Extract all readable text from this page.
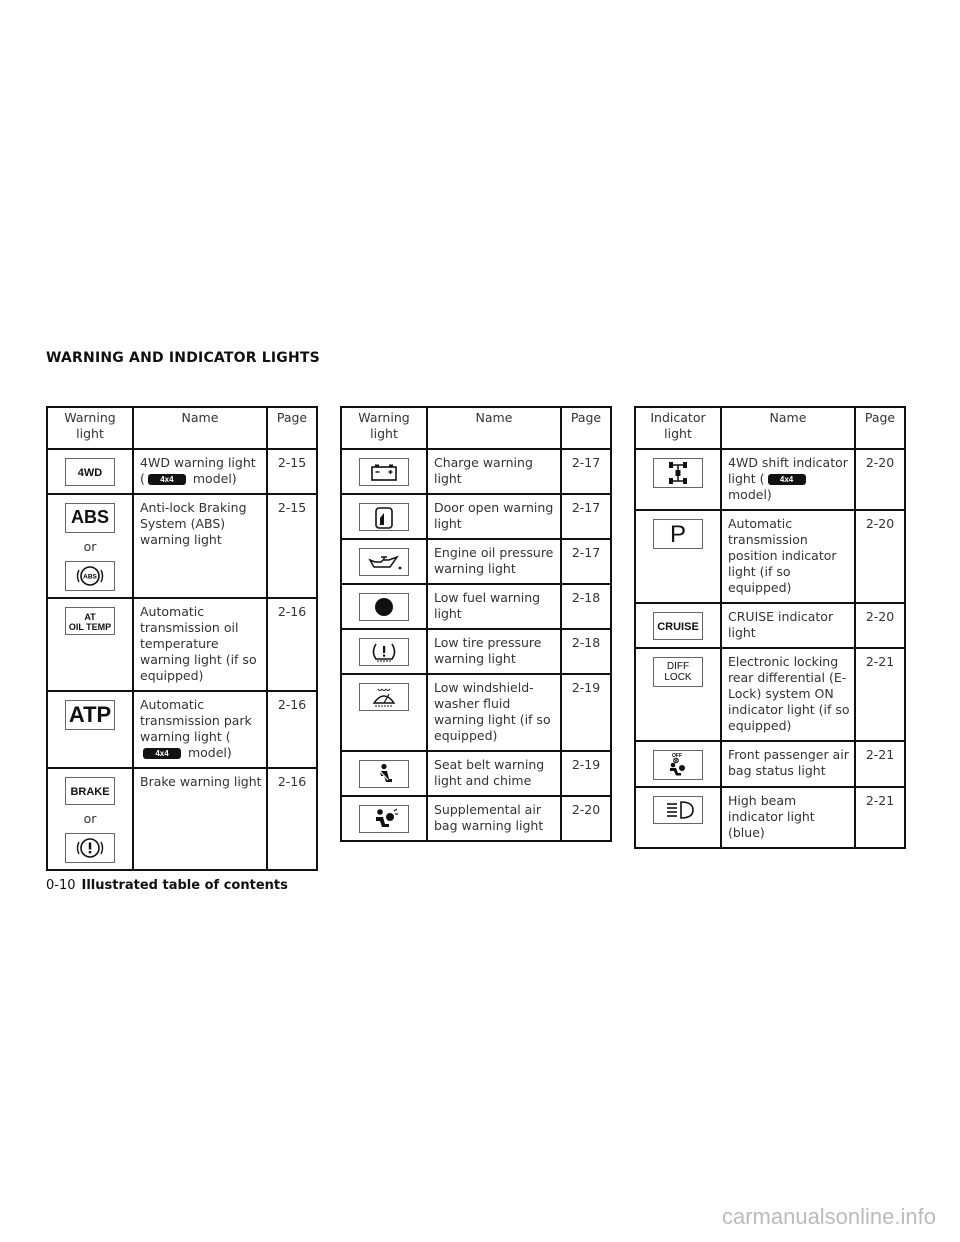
WARNING AND INDICATOR LIGHTS
Warning light	Name	Page
4WD	4WD warning light ( 4x4 model)	2-15
ABS
or
ABS	Anti-lock Braking System (ABS) warning light	2-15
AT
OIL TEMP	Automatic transmission oil temperature warning light (if so equipped)	2-16
ATP	Automatic transmission park warning light (4x4 model)	2-16
BRAKE
or	Brake warning light	2-16
Warning light	Name	Page

	Charge warning light	2-17

	Door open warning light	2-17

	Engine oil pressure warning light	2-17

	Low fuel warning light	2-18

	Low tire pressure warning light	2-18

	Low windshield-washer fluid warning light (if so equipped)	2-19

	Seat belt warning light and chime	2-19

	Supplemental air bag warning light	2-20
Indicator light	Name	Page

	4WD shift indicator light ( 4x4 model)	2-20
P	Automatic transmission position indicator light (if so equipped)	2-20
CRUISE	CRUISE indicator light	2-20
DIFF
LOCK	Electronic locking rear differential (E-Lock) system ON indicator light (if so equipped)	2-21

OFF	Front passenger air bag status light	2-21

	High beam indicator light (blue)	2-21
0-10 Illustrated table of contents
carmanualsonline.info
